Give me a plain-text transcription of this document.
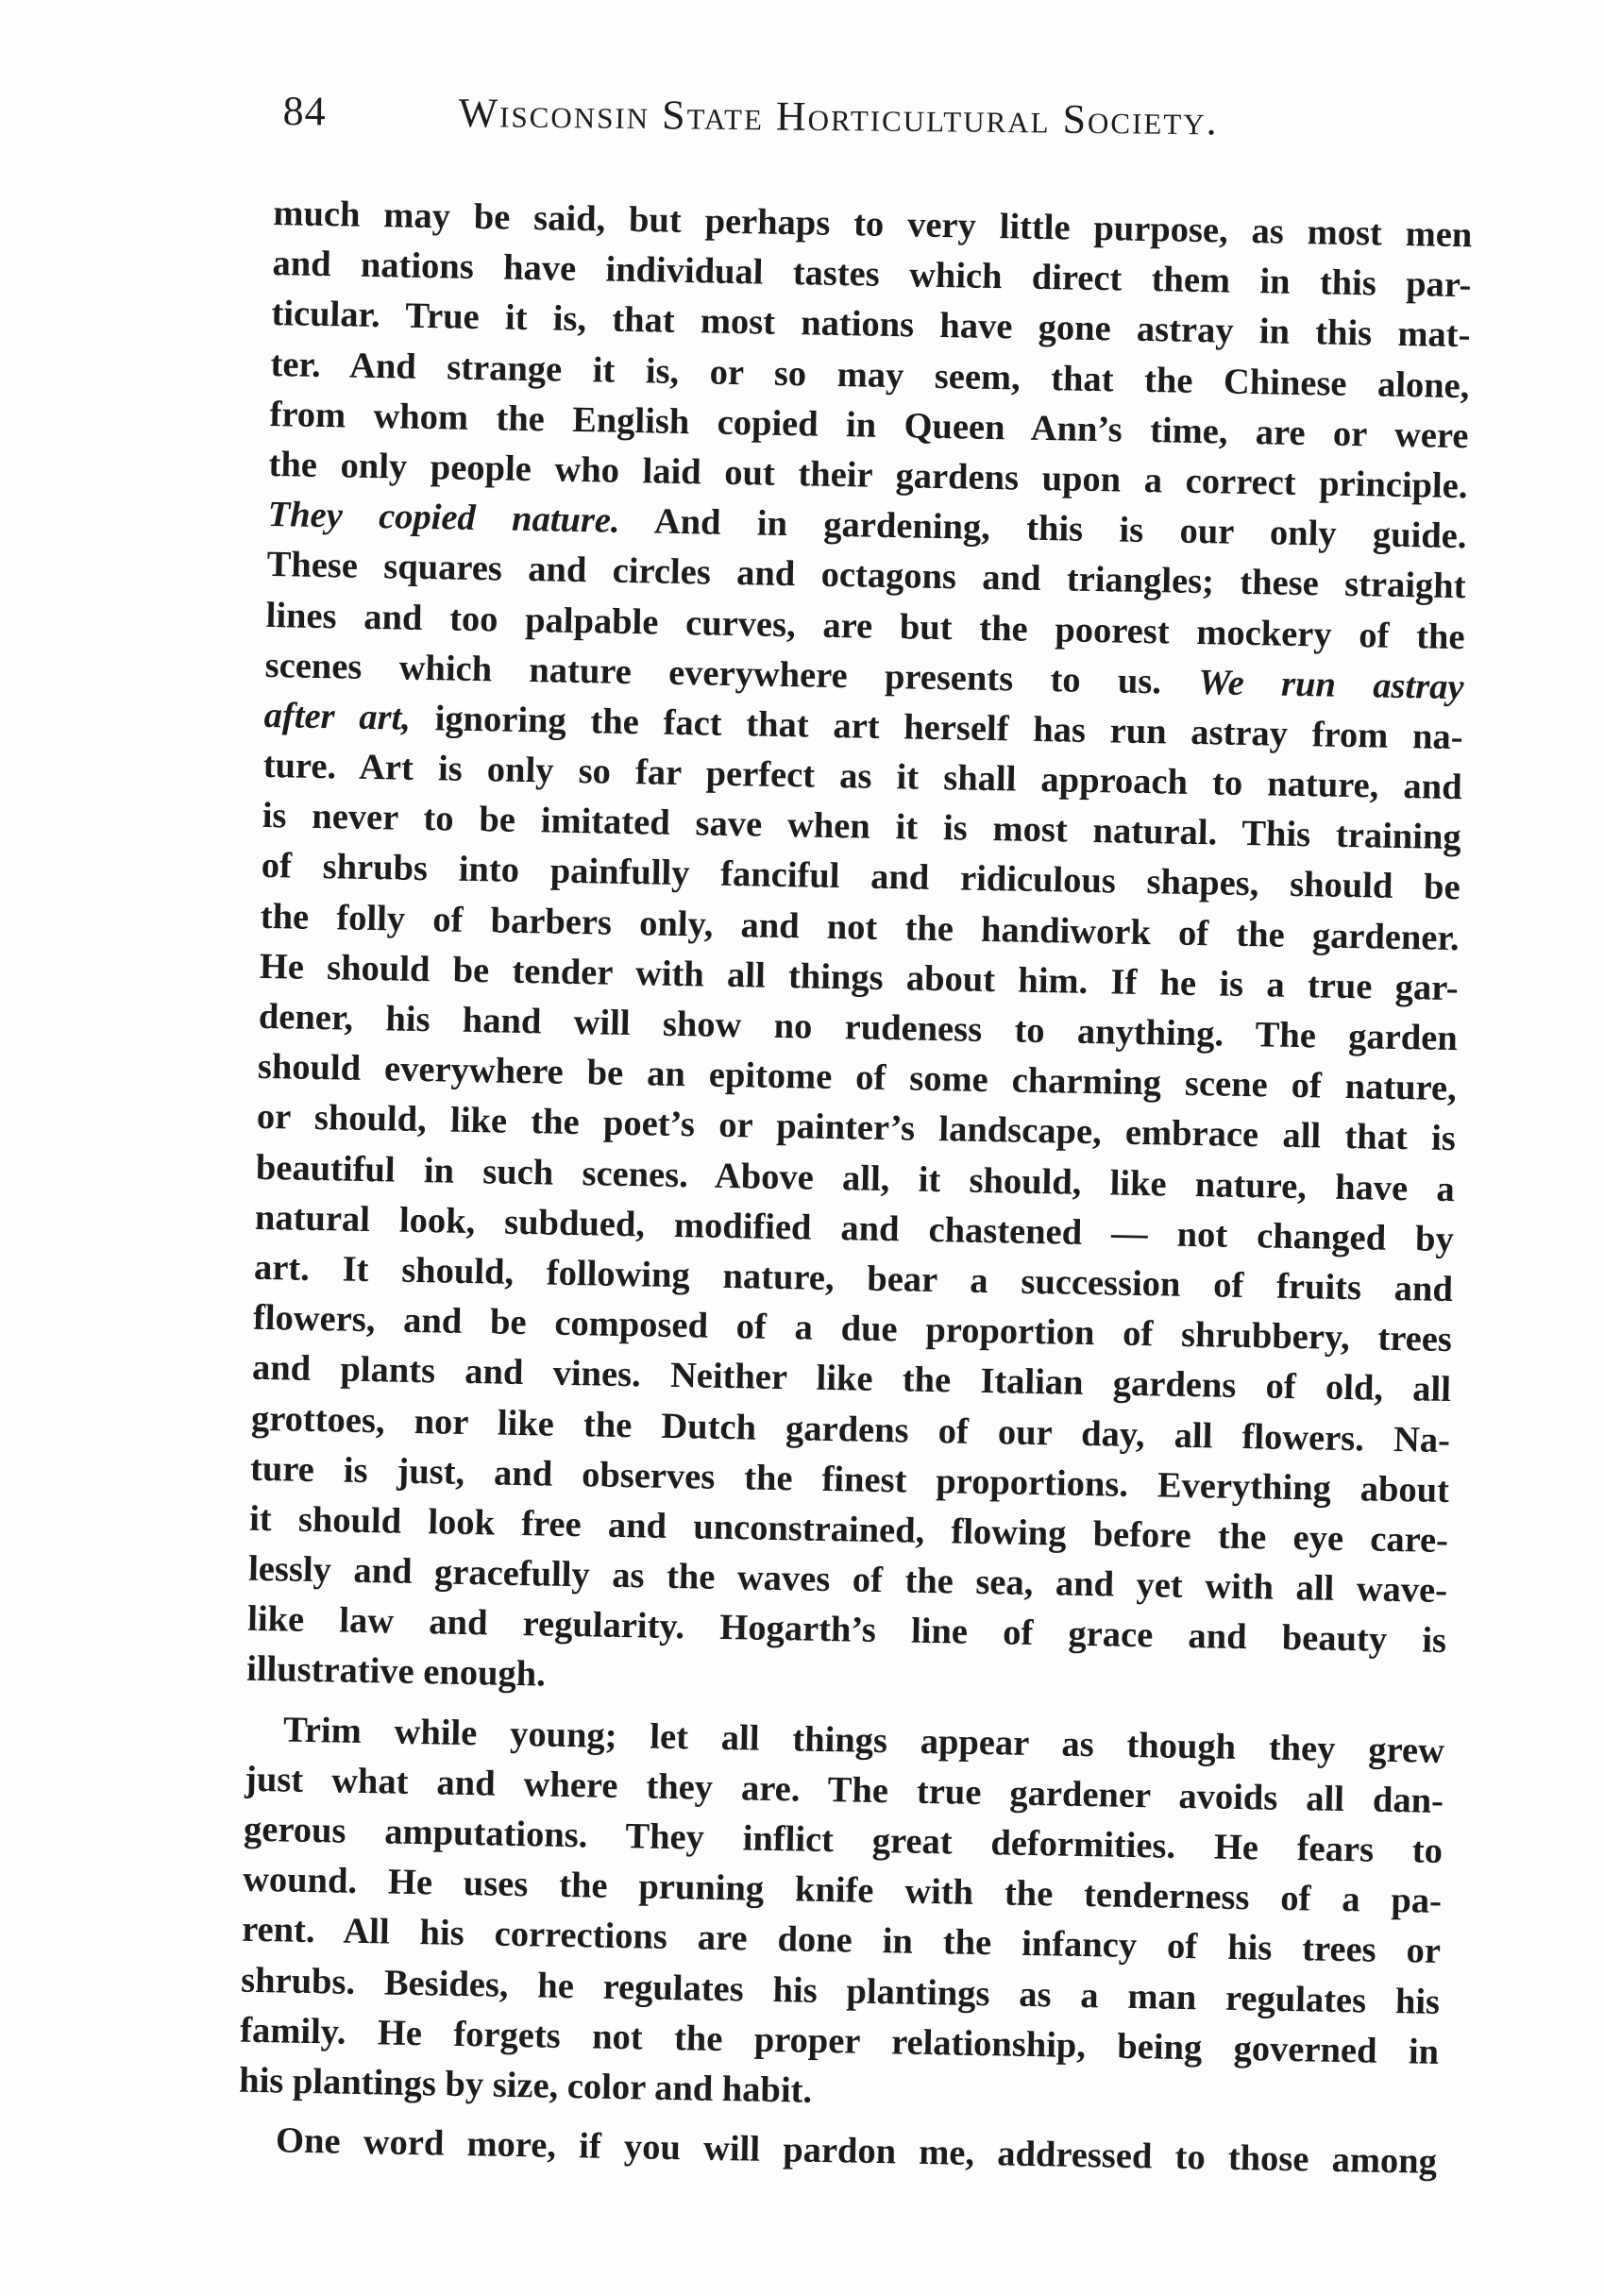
84	Wisconsin State Horticultural Society.
much may be said, but perhaps to very little purpose, as most men
and nations have individual tastes which direct them in this par-
ticular. True it is, that most nations have gone astray in this mat-
ter. And strange it is, or so may seem, that the Chinese alone,
from whom the English copied in Queen Ann’s time, are or were
the only people who laid out their gardens upon a correct principle.
They copied nature. And in gardening, this is our only guide.
These squares and circles and octagons and triangles; these straight
lines and too palpable curves, are but the poorest mockery of the
scenes which nature everywhere presents to us. We run astray
after art, ignoring the fact that art herself has run astray from na-
ture. Art is only so far perfect as it shall approach to nature, and
is never to be imitated save when it is most natural. This training
of shrubs into painfully fanciful and ridiculous shapes, should be
the folly of barbers only, and not the handiwork of the gardener.
He should be tender with all things about him. If he is a true gar-
dener, his hand will show no rudeness to anything. The garden
should everywhere be an epitome of some charming scene of nature,
or should, like the poet’s or painter’s landscape, embrace all that is
beautiful in such scenes. Above all, it should, like nature, have a
natural look, subdued, modified and chastened — not changed by
art. It should, following nature, bear a succession of fruits and
flowers, and be composed of a due proportion of shrubbery, trees
and plants and vines. Neither like the Italian gardens of old, all
grottoes, nor like the Dutch gardens of our day, all flowers. Na-
ture is just, and observes the finest proportions. Everything about
it should look free and unconstrained, flowing before the eye care-
lessly and gracefully as the waves of the sea, and yet with all wave-
like law and regularity. Hogarth’s line of grace and beauty is
illustrative enough.
Trim while young; let all things appear as though they grew
just what and where they are. The true gardener avoids all dan-
gerous amputations. They inflict great deformities. He fears to
wound. He uses the pruning knife with the tenderness of a pa-
rent. All his corrections are done in the infancy of his trees or
shrubs. Besides, he regulates his plantings as a man regulates his
family. He forgets not the proper relationship, being governed in
his plantings by size, color and habit.
One word more, if you will pardon me, addressed to those among
